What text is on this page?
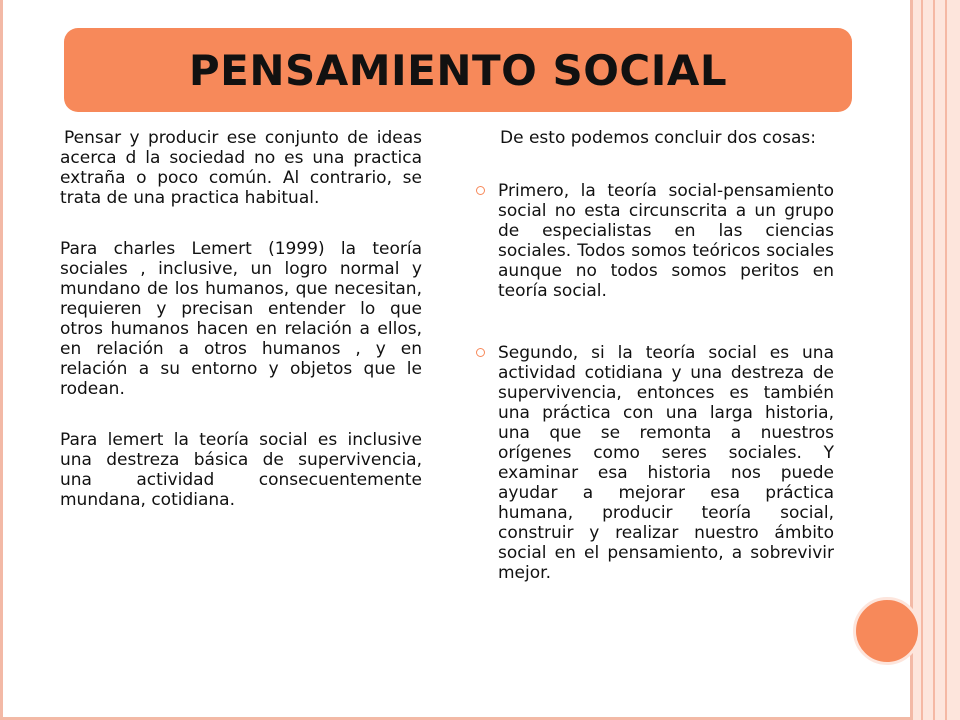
PENSAMIENTO SOCIAL

Pensar y producir ese conjunto de ideas acerca d la sociedad no es una practica extraña o poco común. Al contrario, se trata de una practica habitual.

Para charles Lemert (1999) la teoría sociales , inclusive, un logro normal y mundano de los humanos, que necesitan, requieren y precisan entender lo que otros humanos hacen en relación a ellos, en relación a otros humanos , y en relación a su entorno y objetos que le rodean.

Para lemert la teoría social es inclusive una destreza básica de supervivencia, una actividad consecuentemente mundana, cotidiana.

De esto podemos concluir dos cosas:

Primero, la teoría social-pensamiento social no esta circunscrita a un grupo de especialistas en las ciencias sociales. Todos somos teóricos sociales aunque no todos somos peritos en teoría social.
Segundo, si la teoría social es una actividad cotidiana y una destreza de supervivencia, entonces es también una práctica con una larga historia, una que se remonta a nuestros orígenes como seres sociales. Y examinar esa historia nos puede ayudar a mejorar esa práctica humana, producir teoría social, construir y realizar nuestro ámbito social en el pensamiento, a sobrevivir mejor.
